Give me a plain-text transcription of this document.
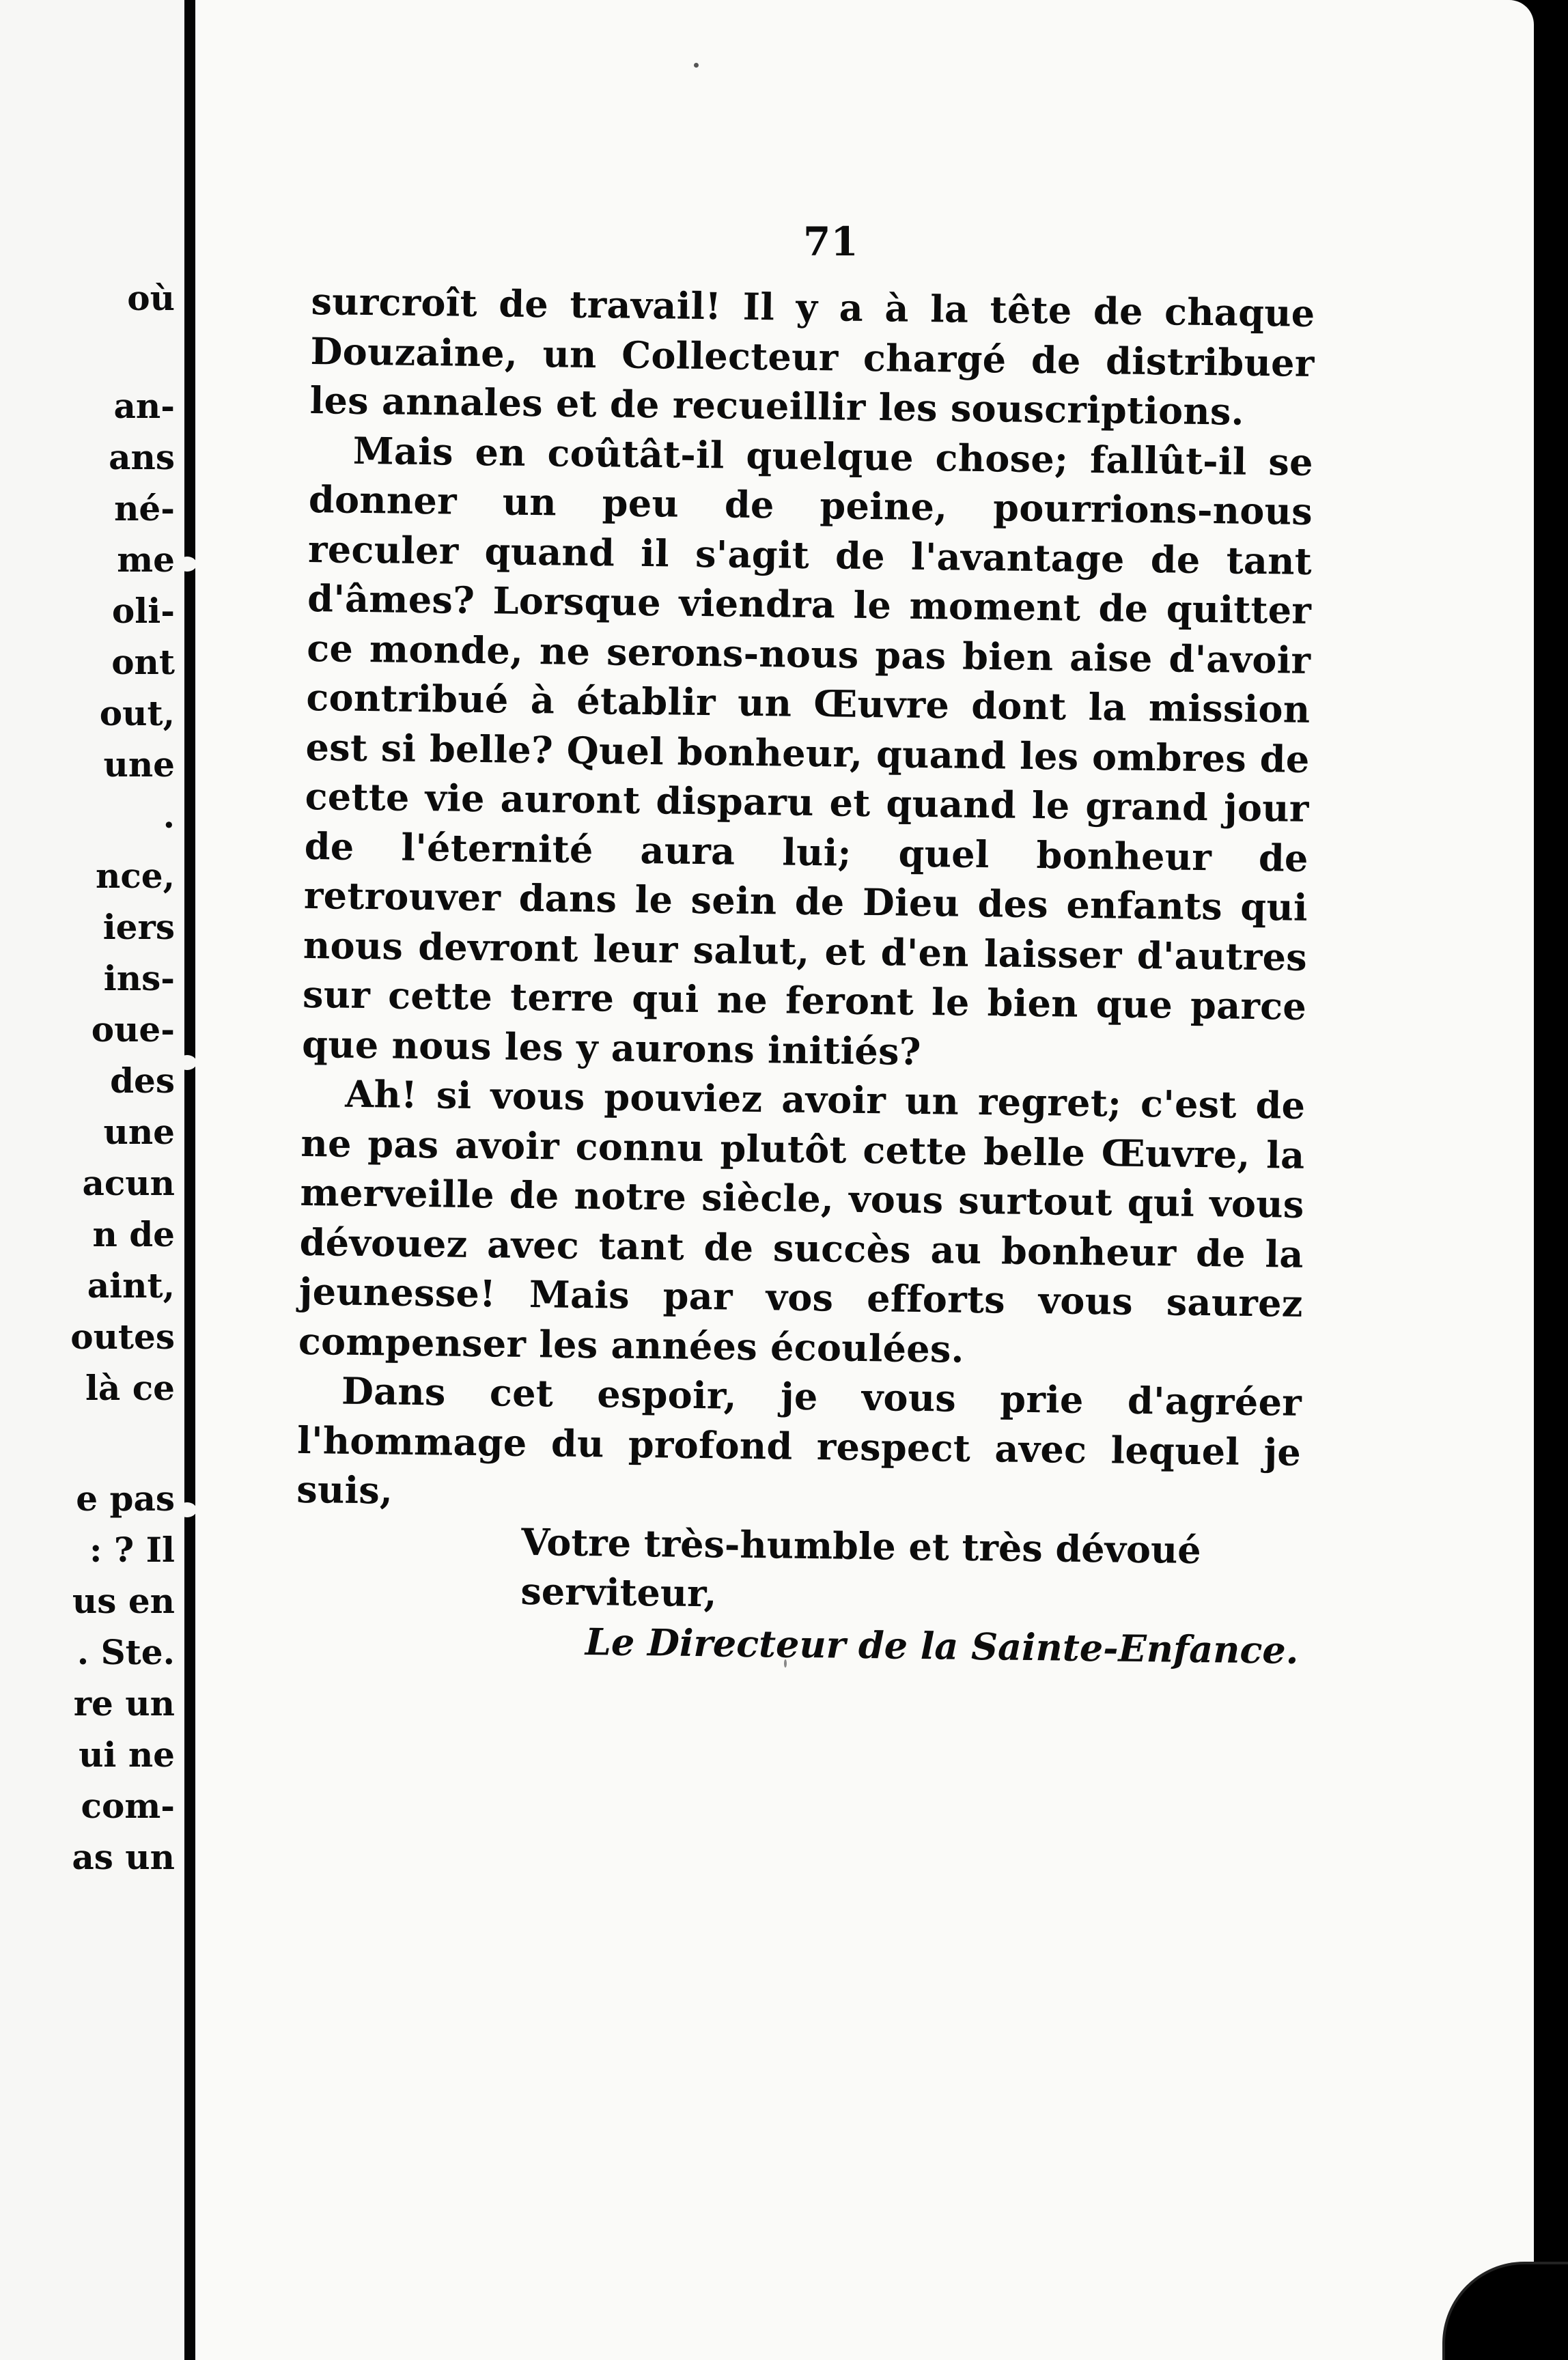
où
an-
ans
né-
me
oli-
ont
out,
une
.
nce,
iers
ins-
oue-
des
une
acun
n de
aint,
outes
là ce
e pas
: ? Il
us en
. Ste.
re un
ui ne
com-
as un
71

surcroît de travail! Il y a à la tête de chaque Douzaine, un Collecteur chargé de distribuer les annales et de recueillir les souscriptions.

Mais en coûtât-il quelque chose; fallût-il se donner un peu de peine, pourrions-nous reculer quand il s'agit de l'avantage de tant d'âmes? Lorsque viendra le moment de quitter ce monde, ne serons-nous pas bien aise d'avoir contribué à établir un Œuvre dont la mission est si belle? Quel bonheur, quand les ombres de cette vie auront disparu et quand le grand jour de l'éternité aura lui; quel bonheur de retrouver dans le sein de Dieu des enfants qui nous devront leur salut, et d'en laisser d'autres sur cette terre qui ne feront le bien que parce que nous les y aurons initiés?

Ah! si vous pouviez avoir un regret; c'est de ne pas avoir connu plutôt cette belle Œuvre, la merveille de notre siècle, vous surtout qui vous dévouez avec tant de succès au bonheur de la jeunesse! Mais par vos efforts vous saurez compenser les années écoulées.

Dans cet espoir, je vous prie d'agréer l'hommage du profond respect avec lequel je suis,

Votre très-humble et très dévoué serviteur,

Le Directeur de la Sainte-Enfance.
